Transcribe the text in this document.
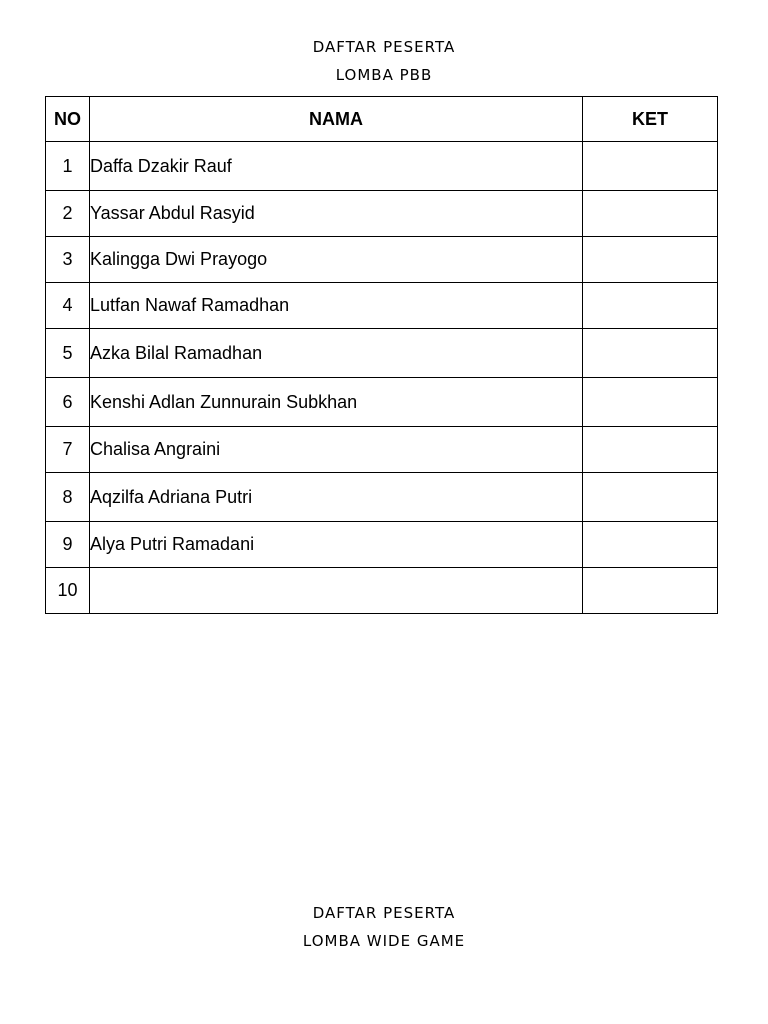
DAFTAR PESERTA
LOMBA PBB
NO	NAMA	KET
1	Daffa Dzakir Rauf	
2	Yassar Abdul Rasyid	
3	Kalingga Dwi Prayogo	
4	Lutfan Nawaf Ramadhan	
5	Azka Bilal Ramadhan	
6	Kenshi Adlan Zunnurain Subkhan	
7	Chalisa Angraini	
8	Aqzilfa Adriana Putri	
9	Alya Putri Ramadani	
10		
DAFTAR PESERTA
LOMBA WIDE GAME
